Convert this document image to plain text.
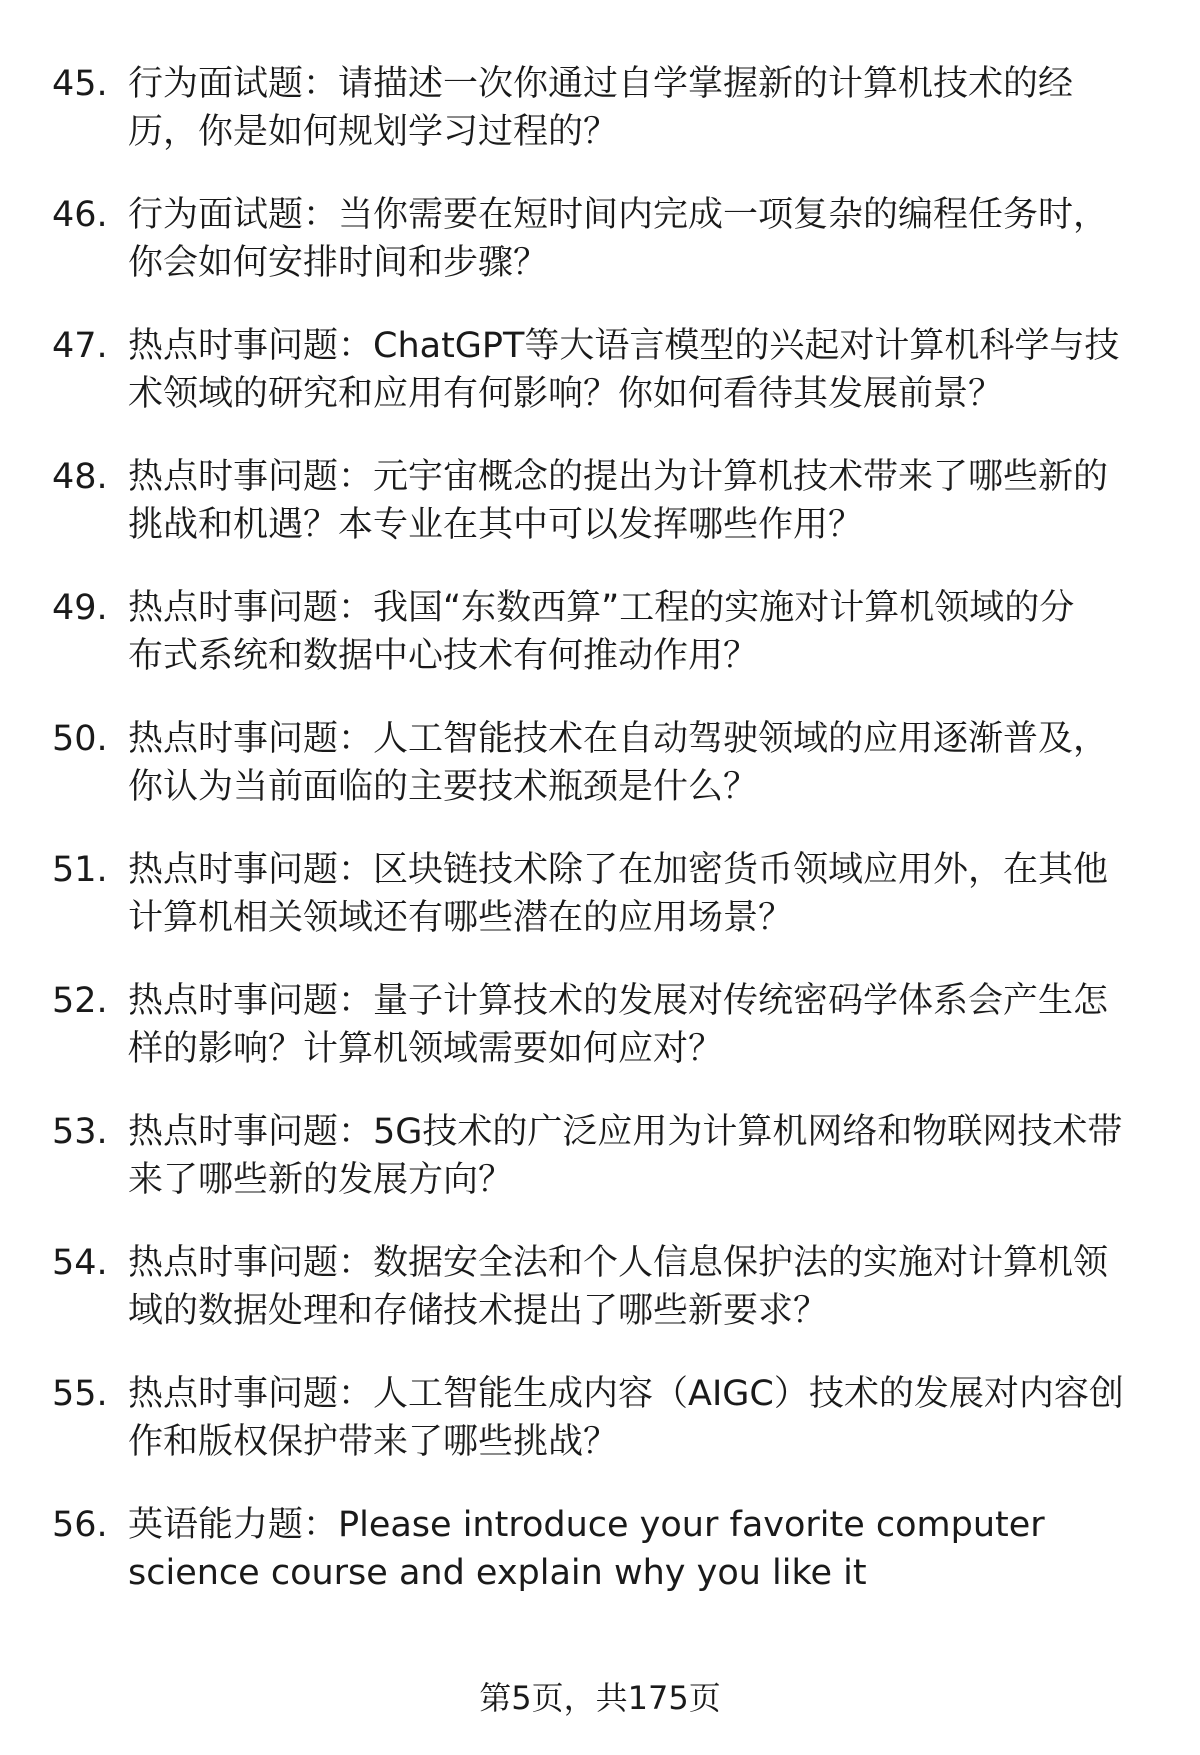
45. 行为面试题：请描述一次你通过自学掌握新的计算机技术的经
历，你是如何规划学习过程的？
46. 行为面试题：当你需要在短时间内完成一项复杂的编程任务时，
你会如何安排时间和步骤？
47. 热点时事问题：ChatGPT等大语言模型的兴起对计算机科学与技
术领域的研究和应用有何影响？你如何看待其发展前景？
48. 热点时事问题：元宇宙概念的提出为计算机技术带来了哪些新的
挑战和机遇？本专业在其中可以发挥哪些作用？
49. 热点时事问题：我国“东数西算”工程的实施对计算机领域的分
布式系统和数据中心技术有何推动作用？
50. 热点时事问题：人工智能技术在自动驾驶领域的应用逐渐普及，
你认为当前面临的主要技术瓶颈是什么？
51. 热点时事问题：区块链技术除了在加密货币领域应用外，在其他
计算机相关领域还有哪些潜在的应用场景？
52. 热点时事问题：量子计算技术的发展对传统密码学体系会产生怎
样的影响？计算机领域需要如何应对？
53. 热点时事问题：5G技术的广泛应用为计算机网络和物联网技术带
来了哪些新的发展方向？
54. 热点时事问题：数据安全法和个人信息保护法的实施对计算机领
域的数据处理和存储技术提出了哪些新要求？
55. 热点时事问题：人工智能生成内容（AIGC）技术的发展对内容创
作和版权保护带来了哪些挑战？
56. 英语能力题：Please introduce your favorite computer
science course and explain why you like it
第5页，共175页
